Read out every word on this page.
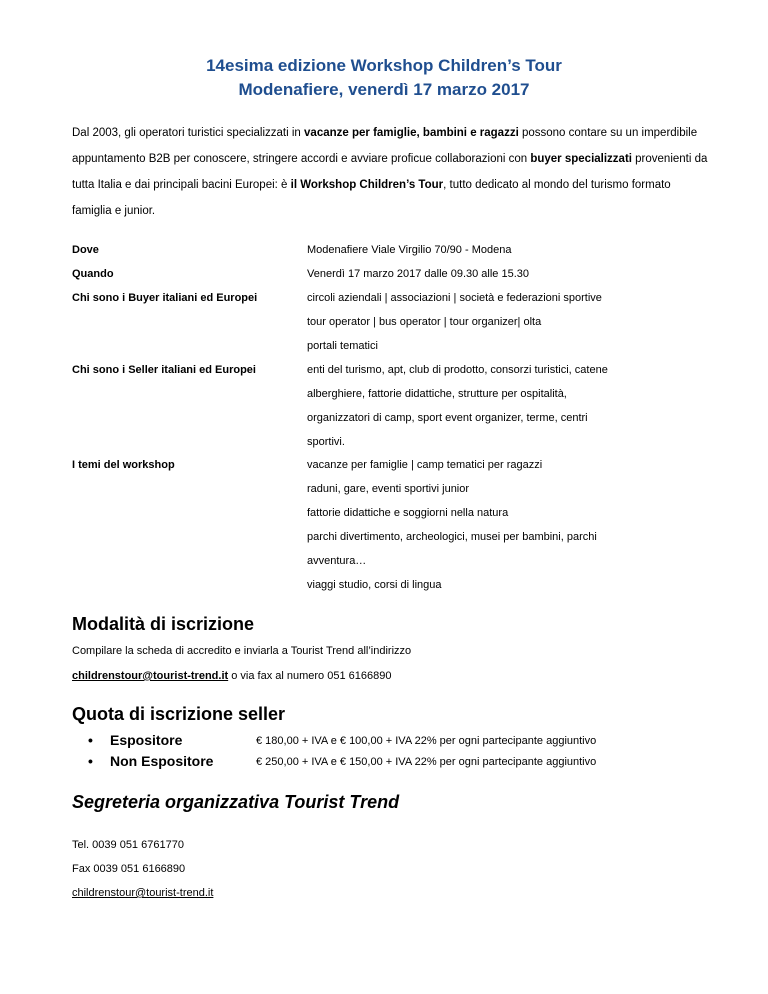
14esima edizione Workshop Children’s Tour
Modenafiere, venerdì 17 marzo 2017
Dal 2003, gli operatori turistici specializzati in vacanze per famiglie, bambini e ragazzi possono contare su un imperdibile appuntamento B2B per conoscere, stringere accordi e avviare proficue collaborazioni con buyer specializzati provenienti da tutta Italia e dai principali bacini Europei: è il Workshop Children’s Tour, tutto dedicato al mondo del turismo formato famiglia e junior.
Dove	Modenafiere Viale Virgilio 70/90 - Modena
Quando	Venerdì 17 marzo 2017 dalle 09.30 alle 15.30
Chi sono i Buyer italiani ed Europei	circoli aziendali | associazioni | società e federazioni sportive
tour operator | bus operator | tour organizer| olta
portali tematici
Chi sono i Seller italiani ed Europei	enti del turismo, apt, club di prodotto, consorzi turistici, catene
alberghiere, fattorie didattiche, strutture per ospitalità,
organizzatori di camp, sport event organizer, terme, centri
sportivi.
I temi del workshop	vacanze per famiglie | camp tematici per ragazzi
raduni, gare, eventi sportivi junior
fattorie didattiche e soggiorni nella natura
parchi divertimento, archeologici, musei per bambini, parchi
avventura…
viaggi studio, corsi di lingua
Modalità di iscrizione
Compilare la scheda di accredito e inviarla a Tourist Trend all’indirizzo
childrenstour@tourist-trend.it o via fax al numero 051 6166890
Quota di iscrizione seller
• Espositore	€ 180,00 + IVA e € 100,00 + IVA 22% per ogni partecipante aggiuntivo
• Non Espositore	€ 250,00 + IVA e € 150,00 + IVA 22% per ogni partecipante aggiuntivo
Segreteria organizzativa Tourist Trend
Tel. 0039 051 6761770
Fax 0039 051 6166890
childrenstour@tourist-trend.it
